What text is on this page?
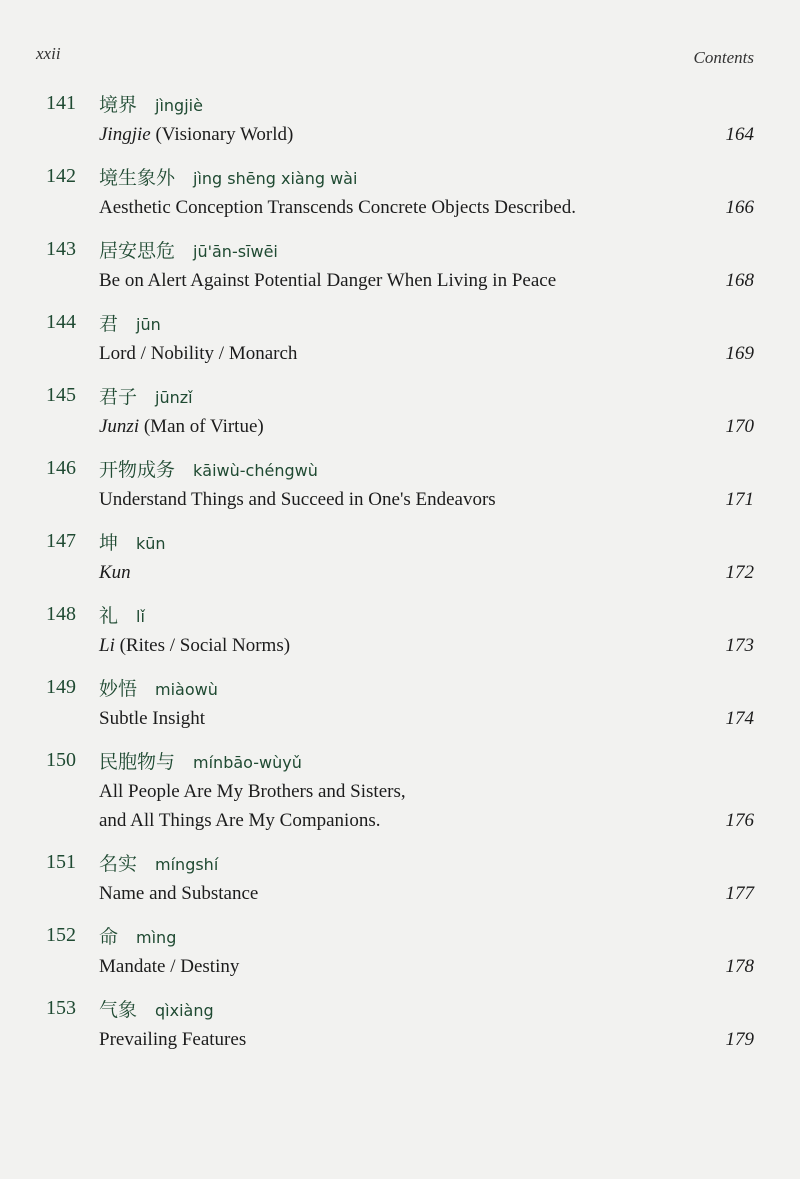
xxii	Contents
141	境界 jìngjiè
Jingjie (Visionary World)	164
142	境生象外 jìng shēng xiàng wài
Aesthetic Conception Transcends Concrete Objects Described.	166
143	居安思危 jū'ān-sīwēi
Be on Alert Against Potential Danger When Living in Peace	168
144	君 jūn
Lord / Nobility / Monarch	169
145	君子 jūnzǐ
Junzi (Man of Virtue)	170
146	开物成务 kāiwù-chéngwù
Understand Things and Succeed in One's Endeavors	171
147	坤 kūn
Kun	172
148	礼 lǐ
Li (Rites / Social Norms)	173
149	妙悟 miàowù
Subtle Insight	174
150	民胞物与 mínbāo-wùyǔ
All People Are My Brothers and Sisters,
and All Things Are My Companions.	176
151	名实 míngshí
Name and Substance	177
152	命 mìng
Mandate / Destiny	178
153	气象 qìxiàng
Prevailing Features	179
